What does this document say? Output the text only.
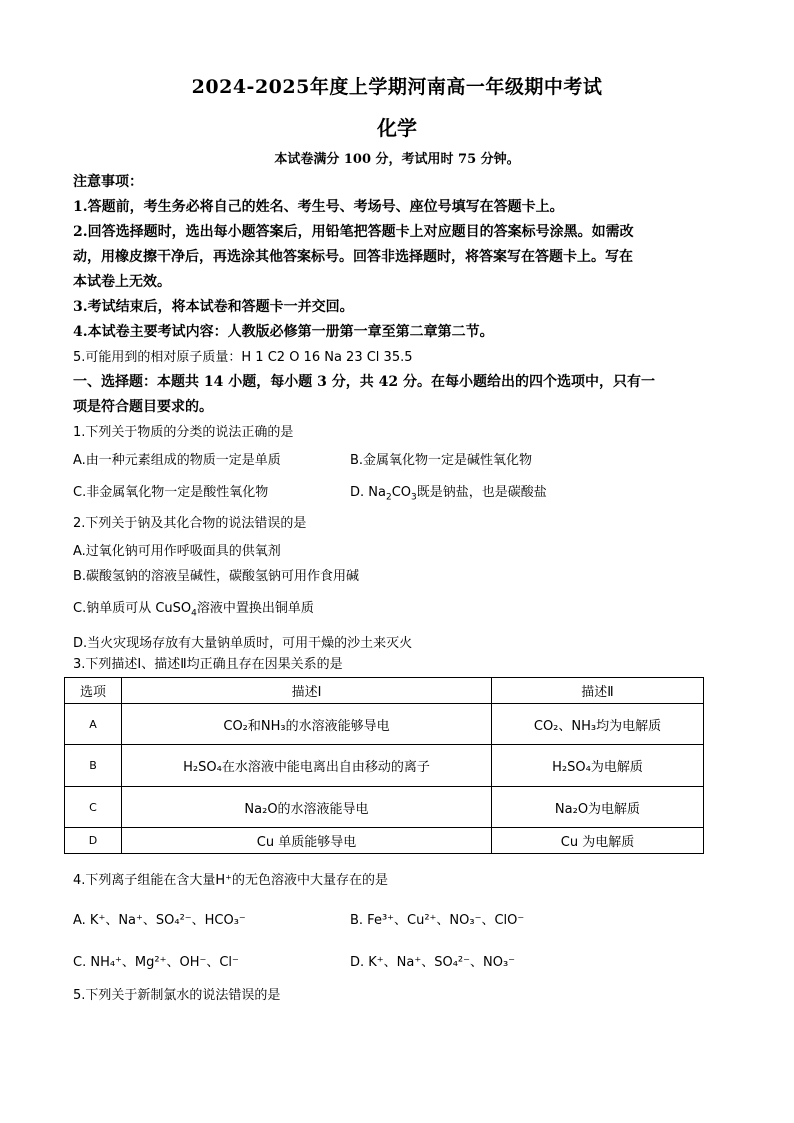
2024-2025年度上学期河南高一年级期中考试
化学
本试卷满分 100 分，考试用时 75 分钟。
注意事项：
1.答题前，考生务必将自己的姓名、考生号、考场号、座位号填写在答题卡上。
2.回答选择题时，选出每小题答案后，用铅笔把答题卡上对应题目的答案标号涂黑。如需改
动，用橡皮擦干净后，再选涂其他答案标号。回答非选择题时，将答案写在答题卡上。写在
本试卷上无效。
3.考试结束后，将本试卷和答题卡一并交回。
4.本试卷主要考试内容：人教版必修第一册第一章至第二章第二节。
5.可能用到的相对原子质量：H 1 C2 O 16 Na 23 Cl 35.5
一、选择题：本题共 14 小题，每小题 3 分，共 42 分。在每小题给出的四个选项中，只有一
项是符合题目要求的。
1.下列关于物质的分类的说法正确的是
A.由一种元素组成的物质一定是单质	B.金属氧化物一定是碱性氧化物
C.非金属氧化物一定是酸性氧化物	D. $Na_2CO_3$既是钠盐，也是碳酸盐
2.下列关于钠及其化合物的说法错误的是
A.过氧化钠可用作呼吸面具的供氧剂
B.碳酸氢钠的溶液呈碱性，碳酸氢钠可用作食用碱
C.钠单质可从 CuSO$_4$溶液中置换出铜单质
D.当火灾现场存放有大量钠单质时，可用干燥的沙土来灭火
3.下列描述Ⅰ、描述Ⅱ均正确且存在因果关系的是
选项	描述Ⅰ	描述Ⅱ
A	CO₂和NH₃的水溶液能够导电	CO₂、NH₃均为电解质
B	H₂SO₄在水溶液中能电离出自由移动的离子	H₂SO₄为电解质
C	Na₂O的水溶液能导电	Na₂O为电解质
D	Cu 单质能够导电	Cu 为电解质
4.下列离子组能在含大量H⁺的无色溶液中大量存在的是
A. K⁺、Na⁺、SO₄²⁻、HCO₃⁻	B. Fe³⁺、Cu²⁺、NO₃⁻、ClO⁻
C. NH₄⁺、Mg²⁺、OH⁻、Cl⁻	D. K⁺、Na⁺、SO₄²⁻、NO₃⁻
5.下列关于新制氯水的说法错误的是
